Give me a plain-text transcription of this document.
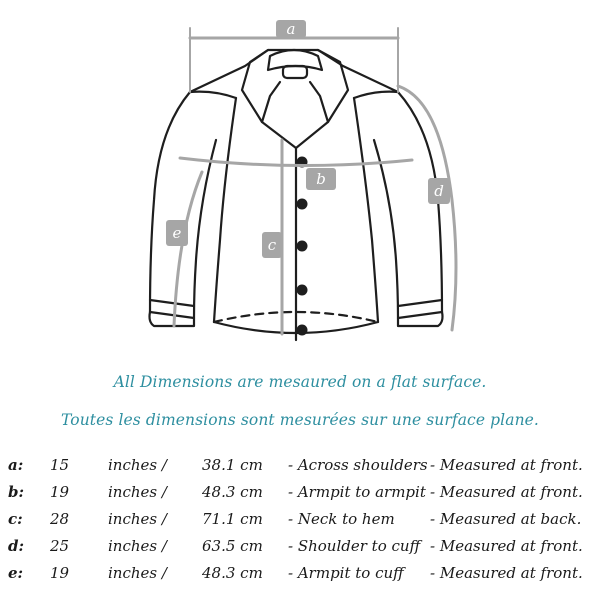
a
b
c
d
e
All Dimensions are mesaured on a flat surface.
Toutes les dimensions sont mesurées sur une surface plane.
a: 15	inches / 38.1 cm - Across shoulders - Measured at front.
b: 19	inches / 48.3 cm - Armpit to armpit - Measured at front.
c: 28	inches / 71.1 cm - Neck to hem - Measured at back.
d: 25	inches / 63.5 cm - Shoulder to cuff - Measured at front.
e: 19	inches / 48.3 cm - Armpit to cuff - Measured at front.
